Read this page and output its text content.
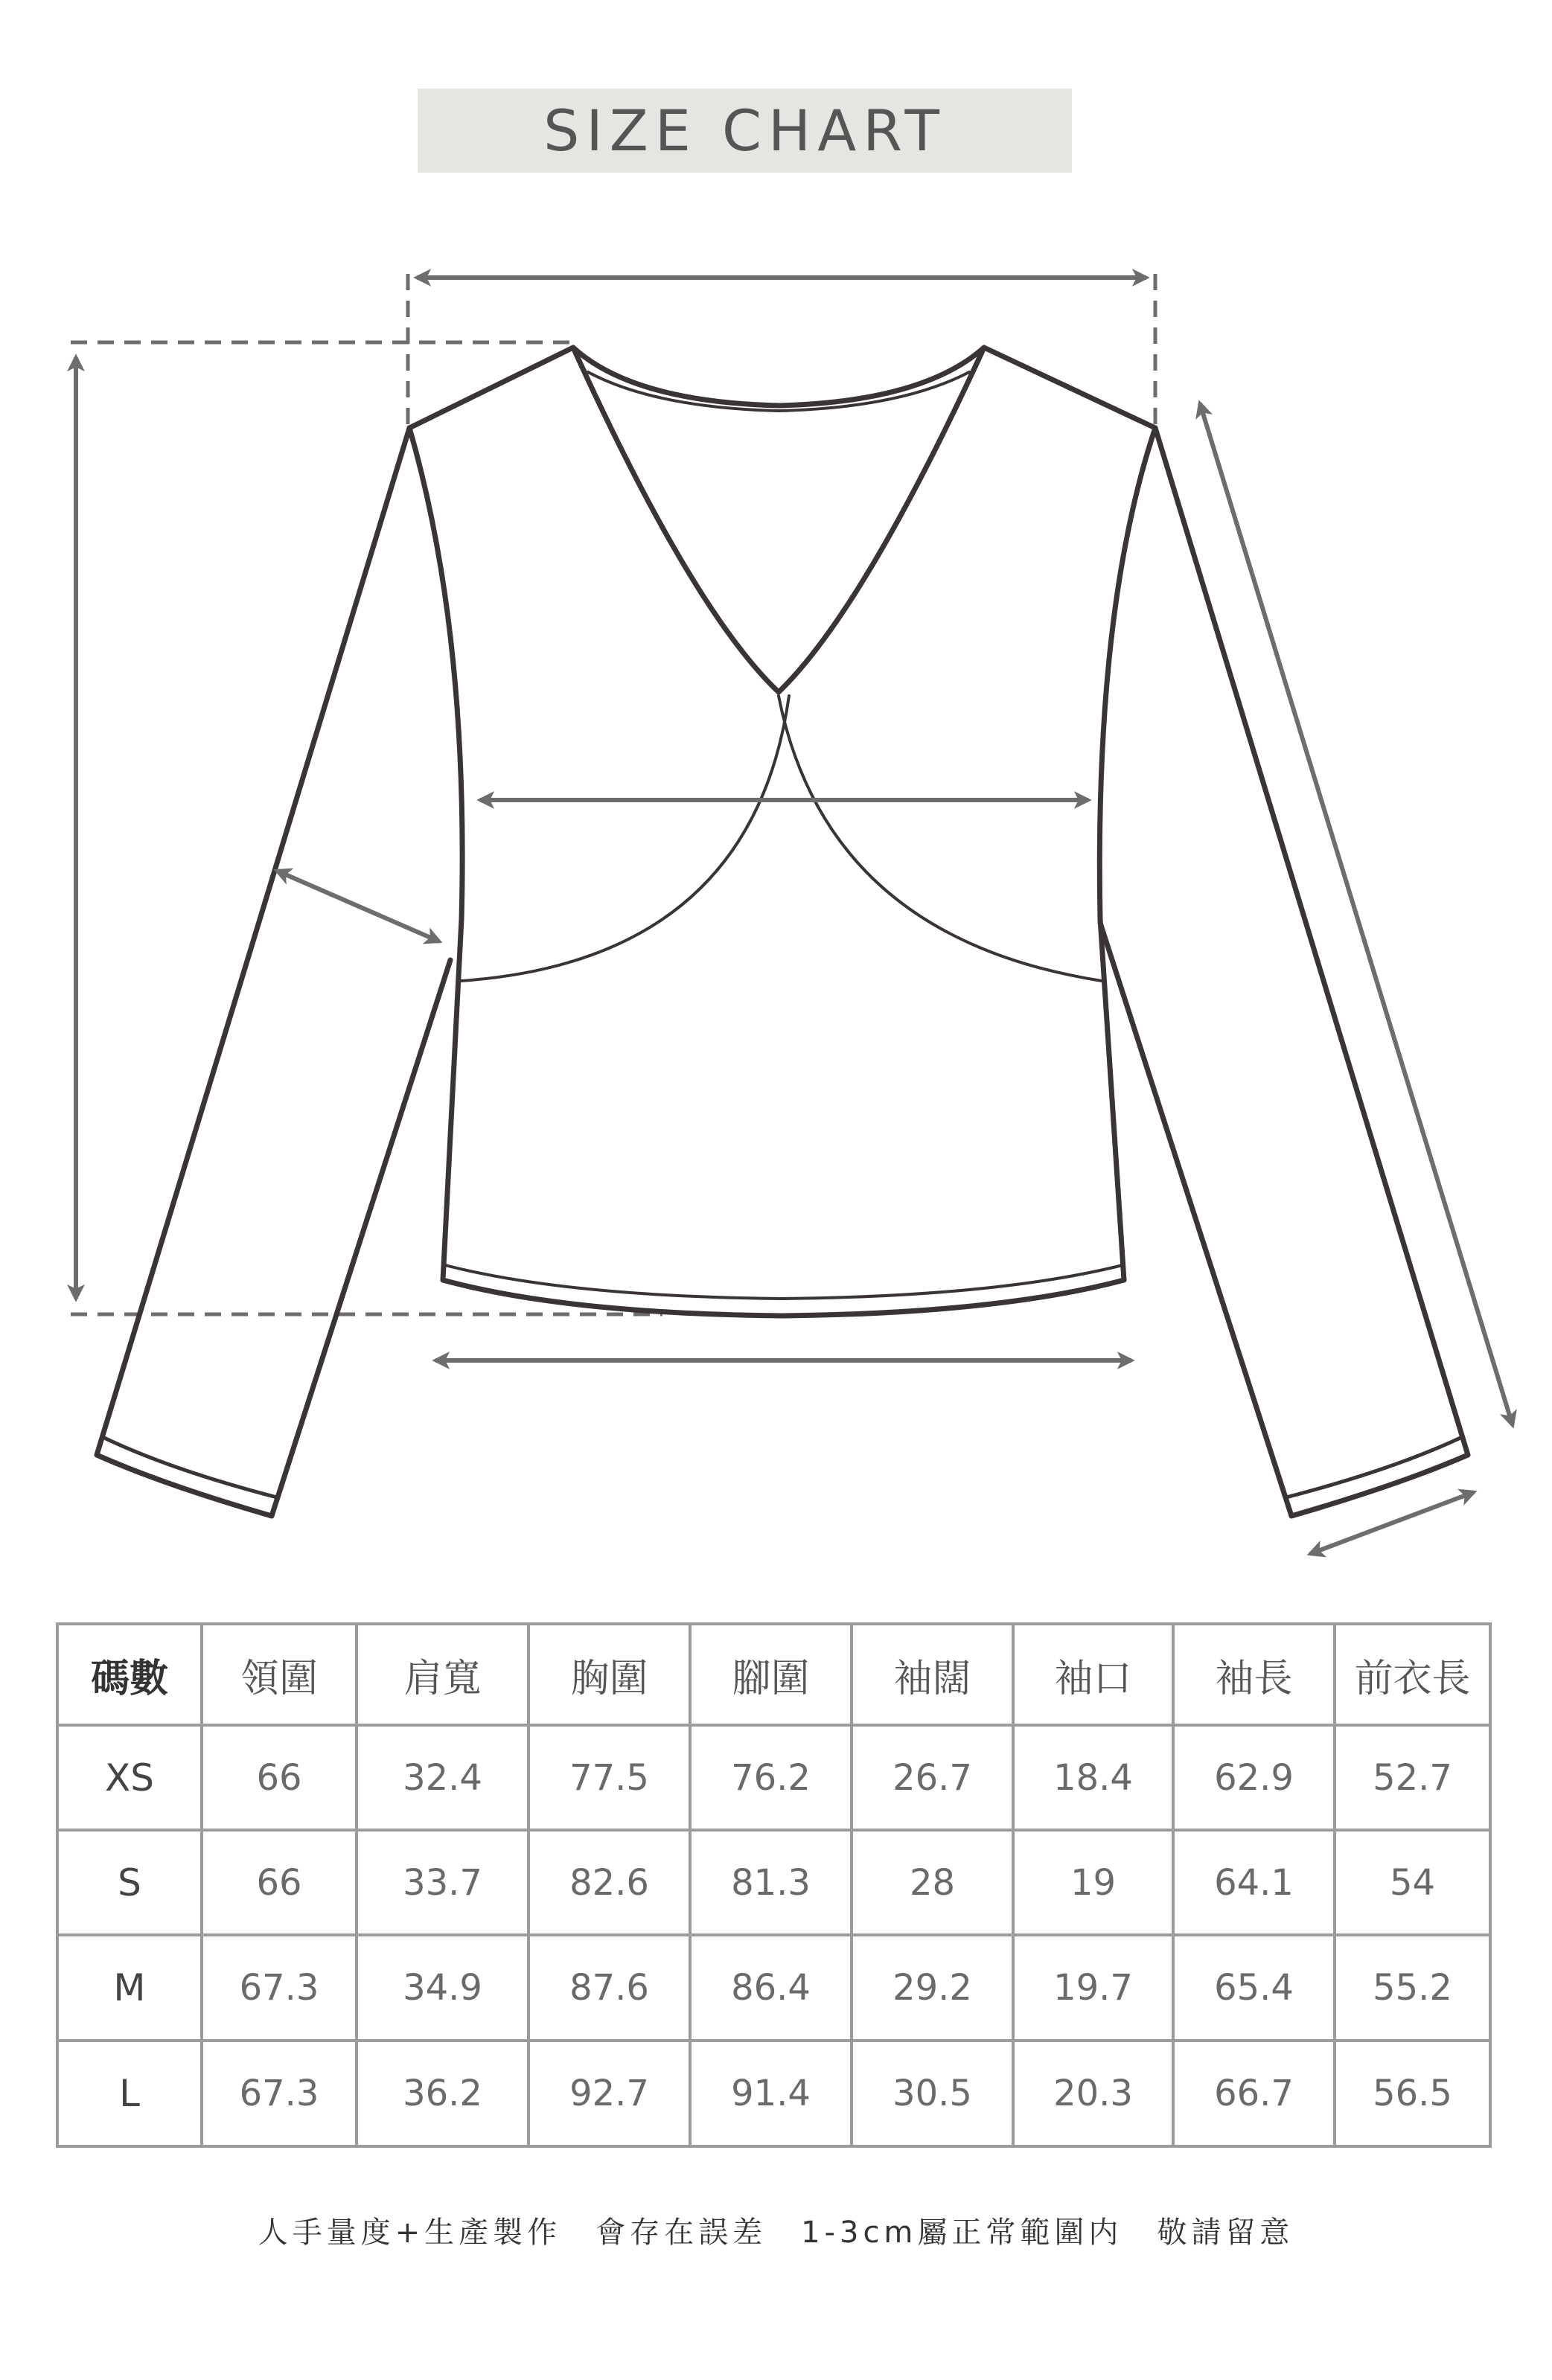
SIZE CHART
碼數	領圍	肩寬	胸圍	腳圍	袖闊	袖口	袖長	前衣長
XS	66	32.4	77.5	76.2	26.7	18.4	62.9	52.7
S	66	33.7	82.6	81.3	28	19	64.1	54
M	67.3	34.9	87.6	86.4	29.2	19.7	65.4	55.2
L	67.3	36.2	92.7	91.4	30.5	20.3	66.7	56.5
人手量度+生產製作　會存在誤差　1-3cm屬正常範圍内　敬請留意
